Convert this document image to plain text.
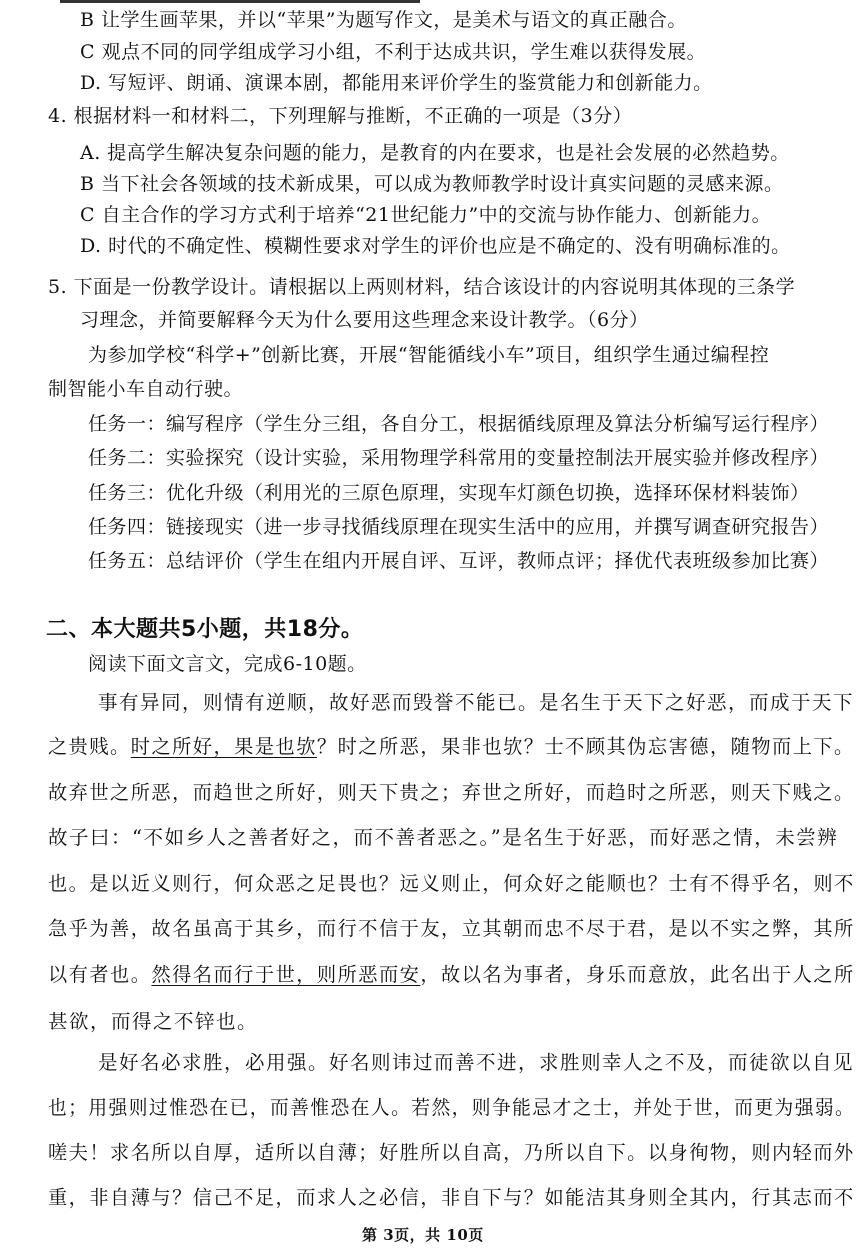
B 让学生画苹果，并以“苹果”为题写作文，是美术与语文的真正融合。
C 观点不同的同学组成学习小组，不利于达成共识，学生难以获得发展。
D. 写短评、朗诵、演课本剧，都能用来评价学生的鉴赏能力和创新能力。
4. 根据材料一和材料二，下列理解与推断，不正确的一项是（3分）
A. 提高学生解决复杂问题的能力，是教育的内在要求，也是社会发展的必然趋势。
B 当下社会各领域的技术新成果，可以成为教师教学时设计真实问题的灵感来源。
C 自主合作的学习方式利于培养“21世纪能力”中的交流与协作能力、创新能力。
D. 时代的不确定性、模糊性要求对学生的评价也应是不确定的、没有明确标准的。
5. 下面是一份教学设计。请根据以上两则材料，结合该设计的内容说明其体现的三条学
习理念，并简要解释今天为什么要用这些理念来设计教学。（6分）
为参加学校“科学+”创新比赛，开展“智能循线小车”项目，组织学生通过编程控
制智能小车自动行驶。
任务一：编写程序（学生分三组，各自分工，根据循线原理及算法分析编写运行程序）
任务二：实验探究（设计实验，采用物理学科常用的变量控制法开展实验并修改程序）
任务三：优化升级（利用光的三原色原理，实现车灯颜色切换，选择环保材料装饰）
任务四：链接现实（进一步寻找循线原理在现实生活中的应用，并撰写调查研究报告）
任务五：总结评价（学生在组内开展自评、互评，教师点评；择优代表班级参加比赛）
二、本大题共5小题，共18分。
阅读下面文言文，完成6-10题。
事有异同，则情有逆顺，故好恶而毁誉不能已。是名生于天下之好恶，而成于天下
之贵贱。时之所好，果是也欤？时之所恶，果非也欤？士不顾其伪忘害德，随物而上下。
故弃世之所恶，而趋世之所好，则天下贵之；弃世之所好，而趋时之所恶，则天下贱之。
故子曰：“不如乡人之善者好之，而不善者恶之。”是名生于好恶，而好恶之情，未尝辨
也。是以近义则行，何众恶之足畏也？远义则止，何众好之能顺也？士有不得乎名，则不
急乎为善，故名虽高于其乡，而行不信于友，立其朝而忠不尽于君，是以不实之弊，其所
以有者也。然得名而行于世，则所恶而安，故以名为事者，身乐而意放，此名出于人之所
甚欲，而得之不锌也。
是好名必求胜，必用强。好名则讳过而善不进，求胜则幸人之不及，而徒欲以自见
也；用强则过惟恐在已，而善惟恐在人。若然，则争能忌才之士，并处于世，而更为强弱。
嗟夫！求名所以自厚，适所以自薄；好胜所以自高，乃所以自下。以身徇物，则内轻而外
重，非自薄与？信己不足，而求人之必信，非自下与？如能洁其身则全其内，行其志而不
第 3页，共 10页
